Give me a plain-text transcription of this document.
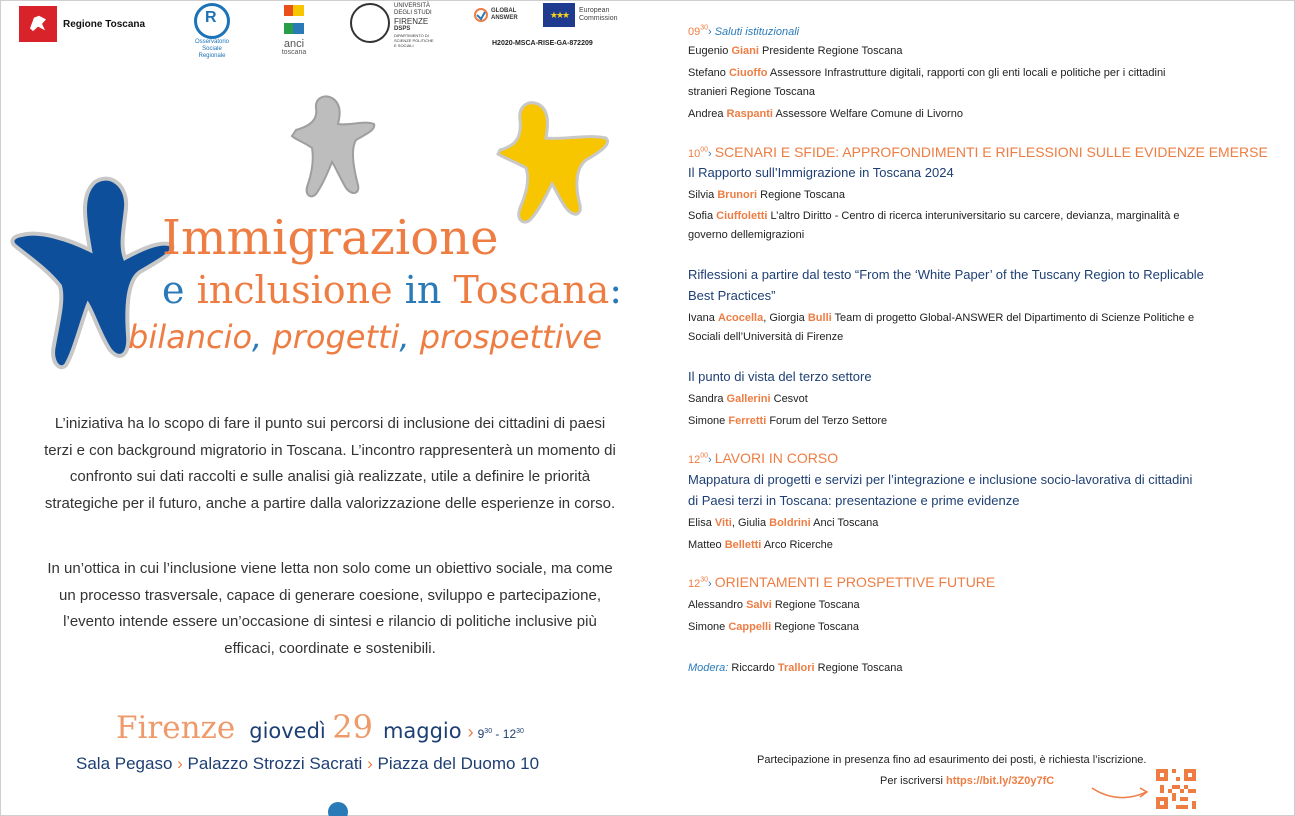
Regione Toscana
R
Osservatorio
Sociale Regionale
anci
toscana
UNIVERSITÀ
DEGLI STUDI
FIRENZE
DSPS
DIPARTIMENTO DI
SCIENZE POLITICHE
E SOCIALI
GLOBAL
ANSWER	★★★	European
Commission
H2020-MSCA-RISE-GA-872209
Immigrazione
e inclusione in Toscana:
bilancio, progetti, prospettive
L’iniziativa ha lo scopo di fare il punto sui percorsi di inclusione dei cittadini di paesi terzi e con background migratorio in Toscana. L’incontro rappresenterà un momento di confronto sui dati raccolti e sulle analisi già realizzate, utile a definire le priorità strategiche per il futuro, anche a partire dalla valorizzazione delle esperienze in corso.
In un’ottica in cui l’inclusione viene letta non solo come un obiettivo sociale, ma come un processo trasversale, capace di generare coesione, sviluppo e partecipazione, l’evento intende essere un’occasione di sintesi e rilancio di politiche inclusive più efficaci, coordinate e sostenibili.
Firenze giovedì 29 maggio › $9^{30} - 12^{30}$
Sala Pegaso › Palazzo Strozzi Sacrati › Piazza del Duomo 10
$09^{30}›$ Saluti istituzionali
Eugenio Giani Presidente Regione Toscana
Stefano Ciuoffo Assessore Infrastrutture digitali, rapporti con gli enti locali e politiche per i cittadini
stranieri Regione Toscana
Andrea Raspanti Assessore Welfare Comune di Livorno
$10^{00}›$ SCENARI E SFIDE: APPROFONDIMENTI E RIFLESSIONI SULLE EVIDENZE EMERSE
Il Rapporto sull’Immigrazione in Toscana 2024
Silvia Brunori Regione Toscana
Sofia Ciuffoletti L’altro Diritto - Centro di ricerca interuniversitario su carcere, devianza, marginalità e
governo dellemigrazioni
Riflessioni a partire dal testo “From the ‘White Paper’ of the Tuscany Region to Replicable
Best Practices”
Ivana Acocella, Giorgia Bulli Team di progetto Global-ANSWER del Dipartimento di Scienze Politiche e
Sociali dell’Università di Firenze
Il punto di vista del terzo settore
Sandra Gallerini Cesvot
Simone Ferretti Forum del Terzo Settore
$12^{00}›$ LAVORI IN CORSO
Mappatura di progetti e servizi per l’integrazione e inclusione socio-lavorativa di cittadini
di Paesi terzi in Toscana: presentazione e prime evidenze
Elisa Viti, Giulia Boldrini Anci Toscana
Matteo Belletti Arco Ricerche
$12^{30}›$ ORIENTAMENTI E PROSPETTIVE FUTURE
Alessandro Salvi Regione Toscana
Simone Cappelli Regione Toscana
Modera: Riccardo Trallori Regione Toscana
Partecipazione in presenza fino ad esaurimento dei posti, è richiesta l’iscrizione.
Per iscriversi https://bit.ly/3Z0y7fC
